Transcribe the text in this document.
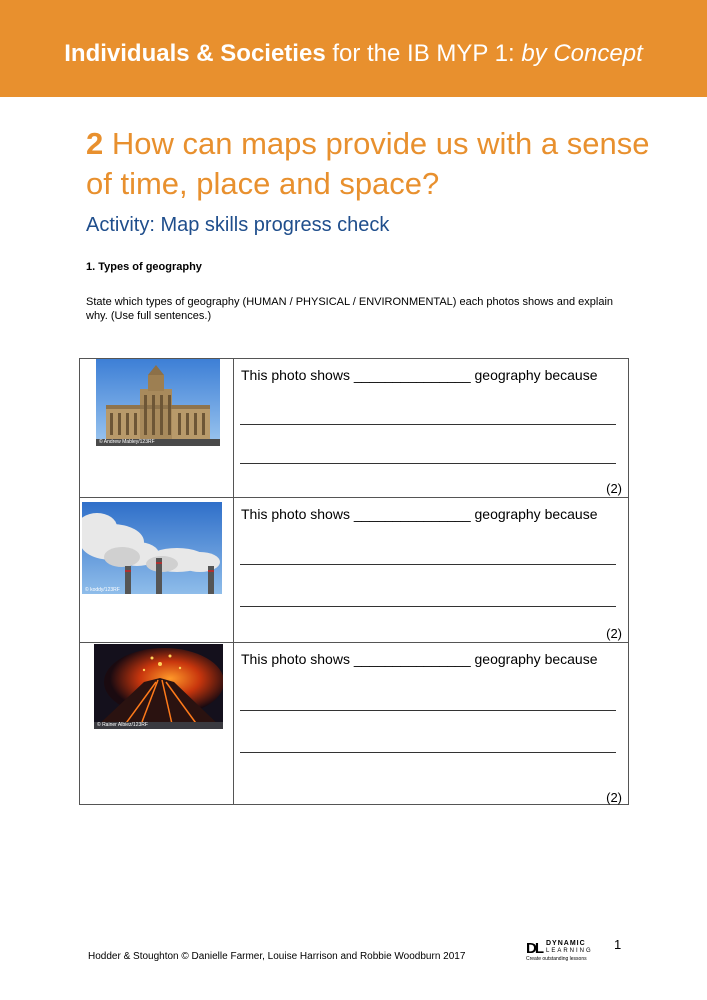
Individuals & Societies for the IB MYP 1: by Concept
2 How can maps provide us with a sense of time, place and space?
Activity: Map skills progress check
1. Types of geography
State which types of geography (HUMAN / PHYSICAL / ENVIRONMENTAL) each photos shows and explain why. (Use full sentences.)
© Andrew Mabley/123RF	This photo shows _______________ geography because
(2)

© koddy/123RF	This photo shows _______________ geography because
(2)

© Rainer Albiez/123RF	This photo shows _______________ geography because
(2)
Hodder & Stoughton © Danielle Farmer, Louise Harrison and Robbie Woodburn 2017	DL DYNAMIC
LEARNING
Create outstanding lessons
1
